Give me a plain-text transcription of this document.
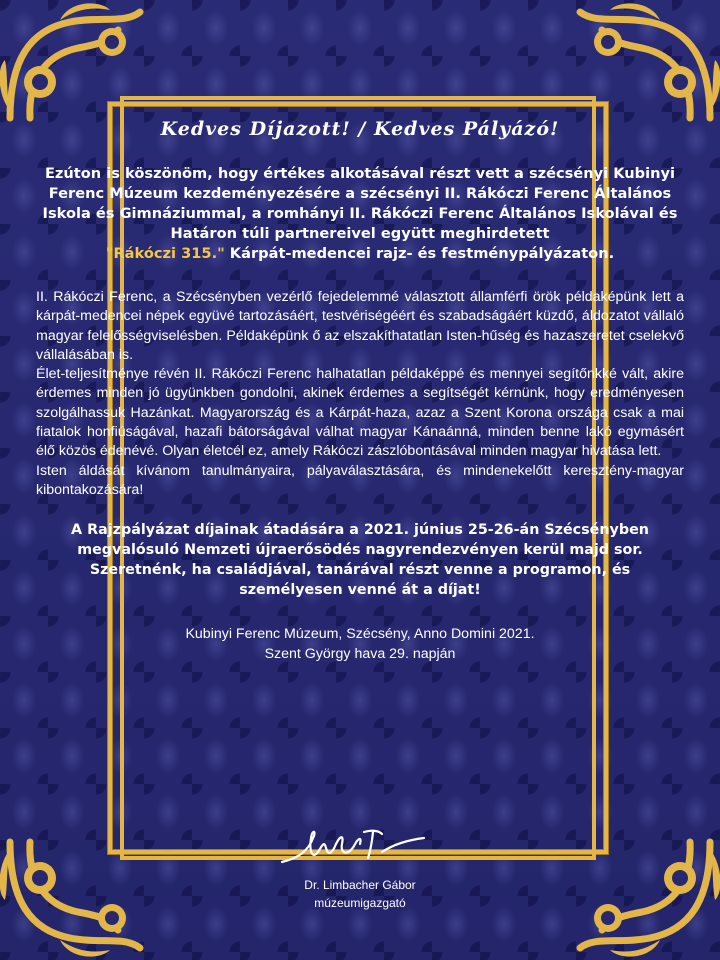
Kedves Díjazott! / Kedves Pályázó!

Ezúton is köszönöm, hogy értékes alkotásával részt vett a szécsényi Kubinyi Ferenc Múzeum kezdeményezésére a szécsényi II. Rákóczi Ferenc Általános Iskola és Gimnáziummal, a romhányi II. Rákóczi Ferenc Általános Iskolával és Határon túli partnereivel együtt meghirdetett
"Rákóczi 315." Kárpát-medencei rajz- és festménypályázaton.

II. Rákóczi Ferenc, a Szécsényben vezérlő fejedelemmé választott államférfi örök példaképünk lett a kárpát-medencei népek együvé tartozásáért, testvériségéért és szabadságáért küzdő, áldozatot vállaló magyar felelősségviselésben. Példaképünk ő az elszakíthatatlan Isten-hűség és hazaszeretet cselekvő vállalásában is.

Élet-teljesítménye révén II. Rákóczi Ferenc halhatatlan példaképpé és mennyei segítőnkké vált, akire érdemes minden jó ügyünkben gondolni, akinek érdemes a segítségét kérnünk, hogy eredményesen szolgálhassuk Hazánkat. Magyarország és a Kárpát-haza, azaz a Szent Korona országa csak a mai fiatalok honfiúságával, hazafi bátorságával válhat magyar Kánaánná, minden benne lakó egymásért élő közös édenévé. Olyan életcél ez, amely Rákóczi zászlóbontásával minden magyar hivatása lett.

Isten áldását kívánom tanulmányaira, pályaválasztására, és mindenekelőtt keresztény-magyar kibontakozására!

A Rajzpályázat díjainak átadására a 2021. június 25-26-án Szécsényben megvalósuló Nemzeti újraerősödés nagyrendezvényen kerül majd sor. Szeretnénk, ha családjával, tanárával részt venne a programon, és személyesen venné át a díjat!

Kubinyi Ferenc Múzeum, Szécsény, Anno Domini 2021.
Szent György hava 29. napján
Dr. Limbacher Gábor
múzeumigazgató
